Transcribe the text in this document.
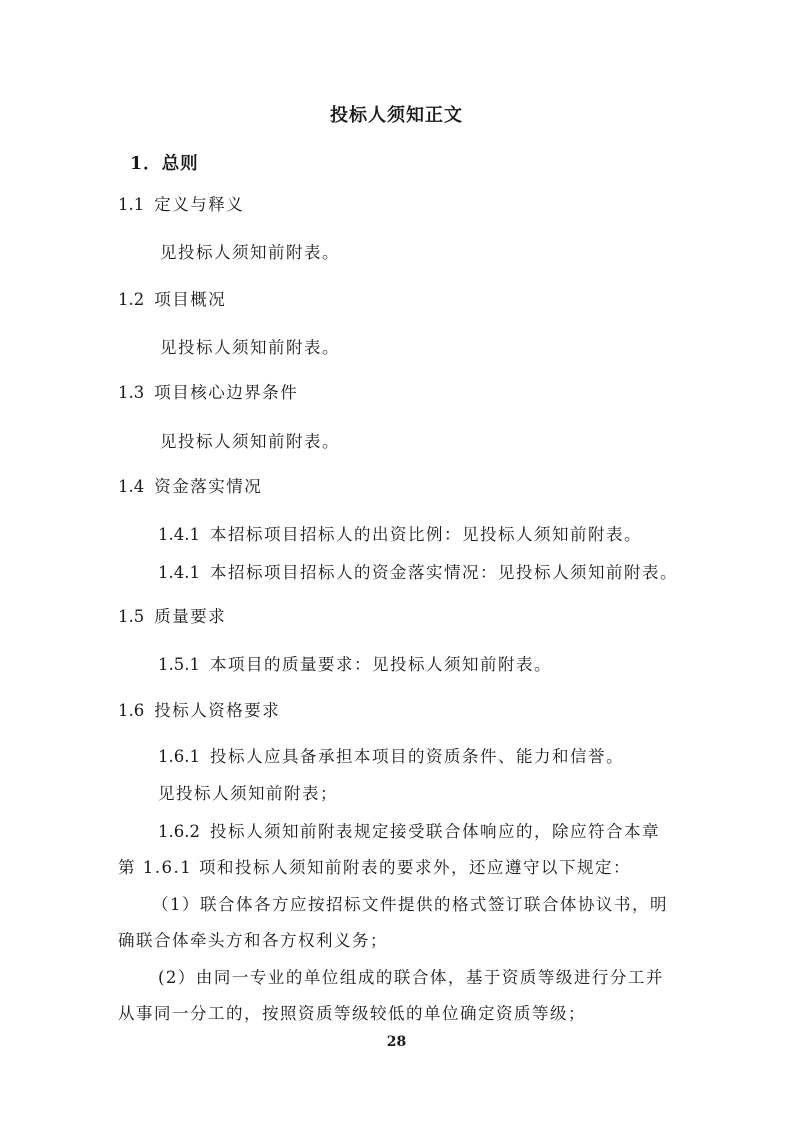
投标人须知正文
1．总则
1.1 定义与释义
见投标人须知前附表。
1.2 项目概况
见投标人须知前附表。
1.3 项目核心边界条件
见投标人须知前附表。
1.4 资金落实情况
1.4.1 本招标项目招标人的出资比例：见投标人须知前附表。
1.4.1 本招标项目招标人的资金落实情况：见投标人须知前附表。
1.5 质量要求
1.5.1 本项目的质量要求：见投标人须知前附表。
1.6 投标人资格要求
1.6.1 投标人应具备承担本项目的资质条件、能力和信誉。
见投标人须知前附表；
1.6.2 投标人须知前附表规定接受联合体响应的，除应符合本章
第 1.6.1 项和投标人须知前附表的要求外，还应遵守以下规定：
（1）联合体各方应按招标文件提供的格式签订联合体协议书，明
确联合体牵头方和各方权利义务；
(2）由同一专业的单位组成的联合体，基于资质等级进行分工并
从事同一分工的，按照资质等级较低的单位确定资质等级；
28
